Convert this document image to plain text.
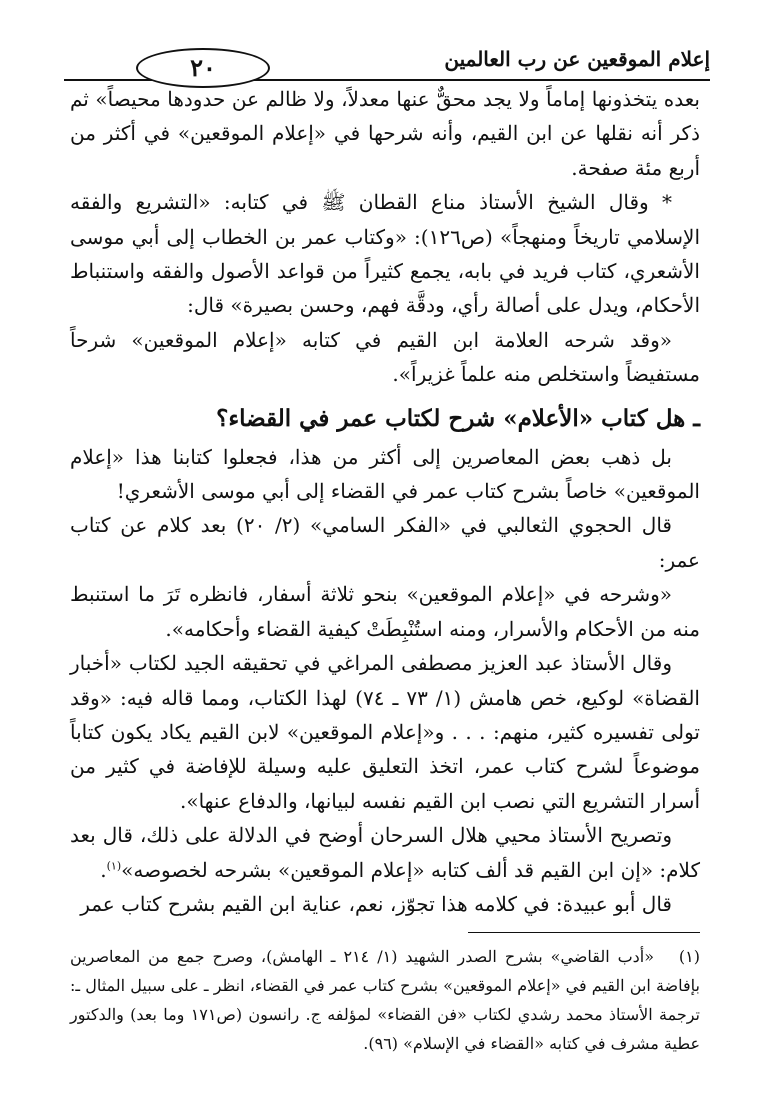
٢٠	إعلام الموقعين عن رب العالمين

بعده يتخذونها إماماً ولا يجد محقٌّ عنها معدلاً، ولا ظالم عن حدودها محيصاً» ثم ذكر أنه نقلها عن ابن القيم، وأنه شرحها في «إعلام الموقعين» في أكثر من أربع مئة صفحة.

* وقال الشيخ الأستاذ مناع القطان ﷺ في كتابه: «التشريع والفقه الإسلامي تاريخاً ومنهجاً» (ص١٢٦): «وكتاب عمر بن الخطاب إلى أبي موسى الأشعري، كتاب فريد في بابه، يجمع كثيراً من قواعد الأصول والفقه واستنباط الأحكام، ويدل على أصالة رأي، ودقَّة فهم، وحسن بصيرة» قال:

«وقد شرحه العلامة ابن القيم في كتابه «إعلام الموقعين» شرحاً مستفيضاً واستخلص منه علماً غزيراً».

ـ هل كتاب «الأعلام» شرح لكتاب عمر في القضاء؟

بل ذهب بعض المعاصرين إلى أكثر من هذا، فجعلوا كتابنا هذا «إعلام الموقعين» خاصاً بشرح كتاب عمر في القضاء إلى أبي موسى الأشعري!

قال الحجوي الثعالبي في «الفكر السامي» (٢/ ٢٠) بعد كلام عن كتاب عمر:

«وشرحه في «إعلام الموقعين» بنحو ثلاثة أسفار، فانظره تَرَ ما استنبط منه من الأحكام والأسرار، ومنه استُنْبِطَتْ كيفية القضاء وأحكامه».

وقال الأستاذ عبد العزيز مصطفى المراغي في تحقيقه الجيد لكتاب «أخبار القضاة» لوكيع، خص هامش (١/ ٧٣ ـ ٧٤) لهذا الكتاب، ومما قاله فيه: «وقد تولى تفسيره كثير، منهم: . . . و«إعلام الموقعين» لابن القيم يكاد يكون كتاباً موضوعاً لشرح كتاب عمر، اتخذ التعليق عليه وسيلة للإفاضة في كثير من أسرار التشريع التي نصب ابن القيم نفسه لبيانها، والدفاع عنها».

وتصريح الأستاذ محيي هلال السرحان أوضح في الدلالة على ذلك، قال بعد كلام: «إن ابن القيم قد ألف كتابه «إعلام الموقعين» بشرحه لخصوصه»$^{(١)}$.

قال أبو عبيدة: في كلامه هذا تجوّز، نعم، عناية ابن القيم بشرح كتاب عمر

(١) «أدب القاضي» بشرح الصدر الشهيد (١/ ٢١٤ ـ الهامش)، وصرح جمع من المعاصرين بإفاضة ابن القيم في «إعلام الموقعين» بشرح كتاب عمر في القضاء، انظر ـ على سبيل المثال ـ: ترجمة الأستاذ محمد رشدي لكتاب «فن القضاء» لمؤلفه ج. رانسون (ص١٧١ وما بعد) والدكتور عطية مشرف في كتابه «القضاء في الإسلام» (٩٦).
